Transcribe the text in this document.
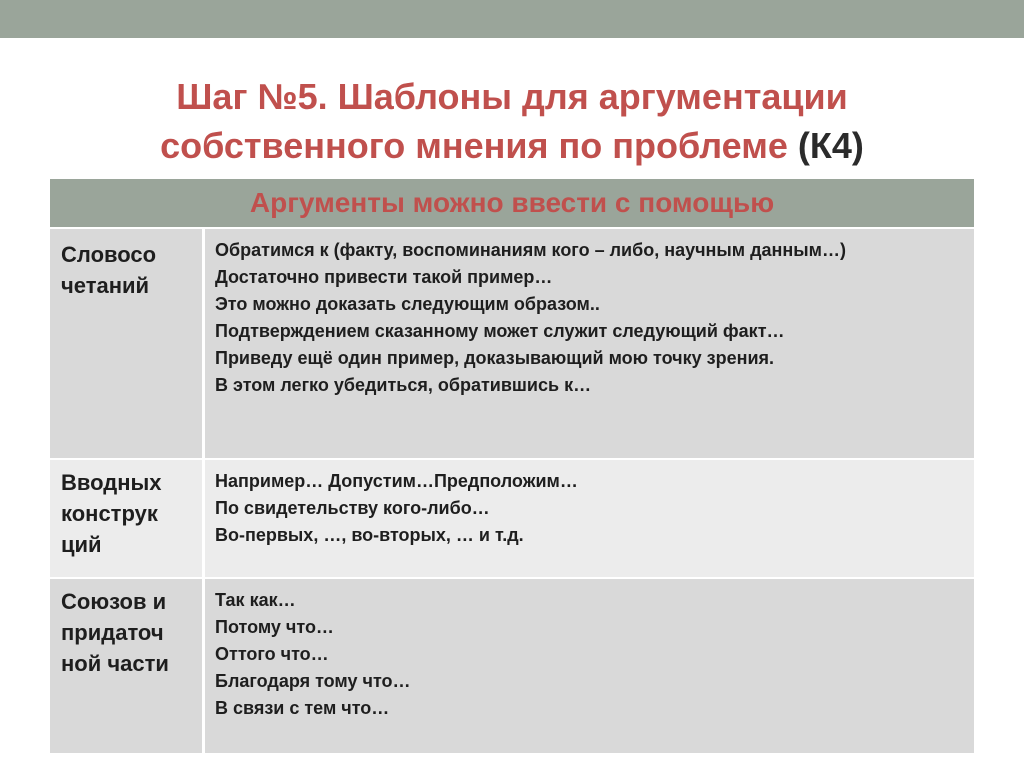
Шаг №5. Шаблоны для аргументации
собственного мнения по проблеме (К4)
Аргументы можно ввести с помощью
Словосо
четаний
Обратимся к (факту, воспоминаниям кого – либо, научным данным…)
Достаточно привести такой пример…
Это можно доказать следующим образом..
Подтверждением сказанному может служит следующий факт…
Приведу ещё один пример, доказывающий мою точку зрения.
В этом легко убедиться, обратившись к…
Вводных
конструк
ций
Например… Допустим…Предположим…
По свидетельству кого-либо…
Во-первых, …, во-вторых, … и т.д.
Союзов и
придаточ
ной части
Так как…
Потому что…
Оттого что…
Благодаря тому что…
В связи с тем что…
